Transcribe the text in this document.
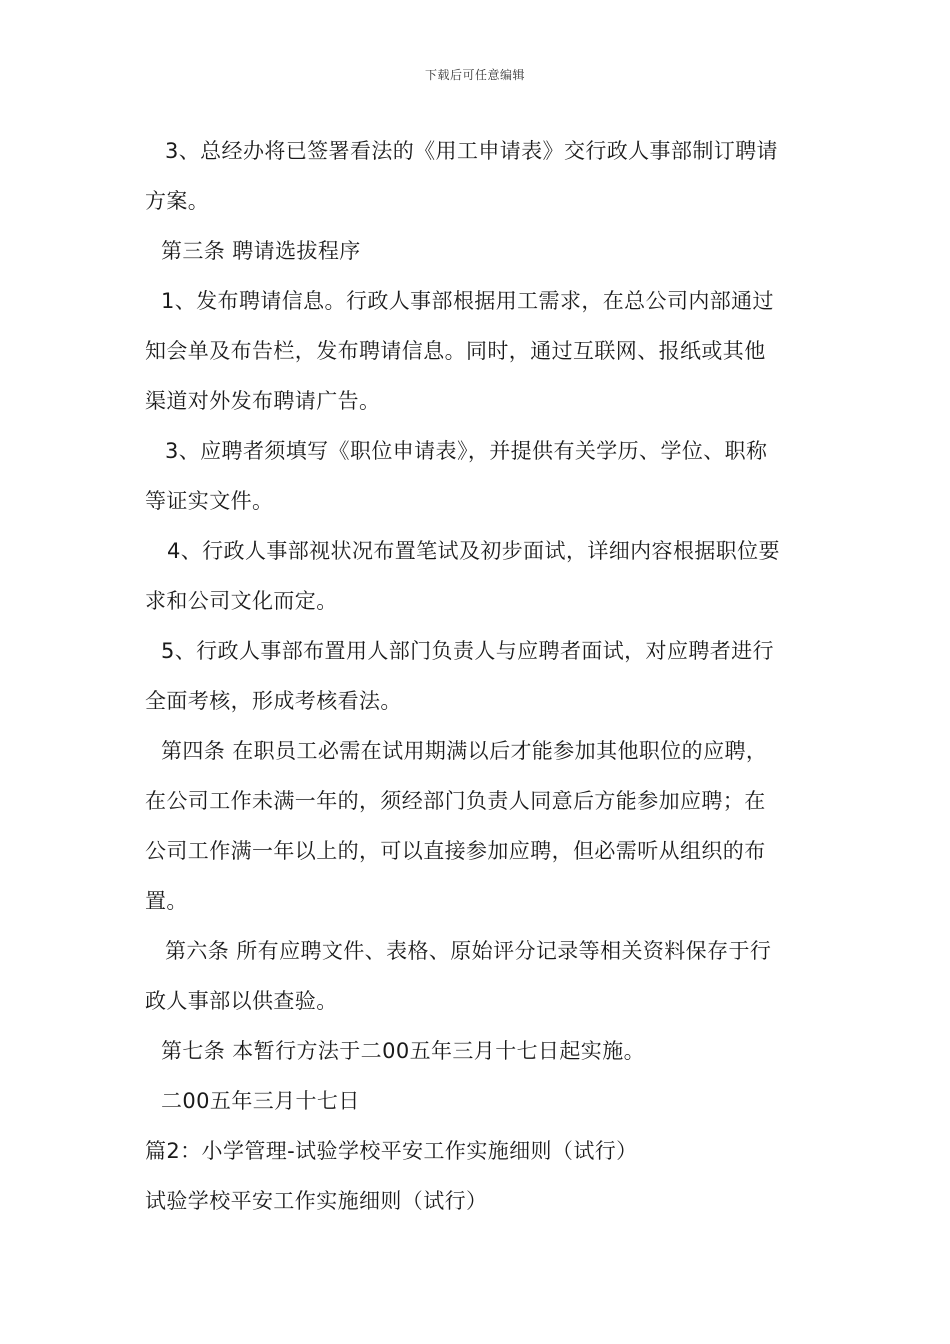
下载后可任意编辑
3、总经办将已签署看法的《用工申请表》交行政人事部制订聘请
方案。
第三条 聘请选拔程序
1、发布聘请信息。行政人事部根据用工需求，在总公司内部通过
知会单及布告栏，发布聘请信息。同时，通过互联网、报纸或其他
渠道对外发布聘请广告。
3、应聘者须填写《职位申请表》，并提供有关学历、学位、职称
等证实文件。
4、行政人事部视状况布置笔试及初步面试，详细内容根据职位要
求和公司文化而定。
5、行政人事部布置用人部门负责人与应聘者面试，对应聘者进行
全面考核，形成考核看法。
第四条 在职员工必需在试用期满以后才能参加其他职位的应聘，
在公司工作未满一年的，须经部门负责人同意后方能参加应聘；在
公司工作满一年以上的，可以直接参加应聘，但必需听从组织的布
置。
第六条 所有应聘文件、表格、原始评分记录等相关资料保存于行
政人事部以供查验。
第七条 本暂行方法于二00五年三月十七日起实施。
二00五年三月十七日
篇2：小学管理-试验学校平安工作实施细则（试行）
试验学校平安工作实施细则（试行）
